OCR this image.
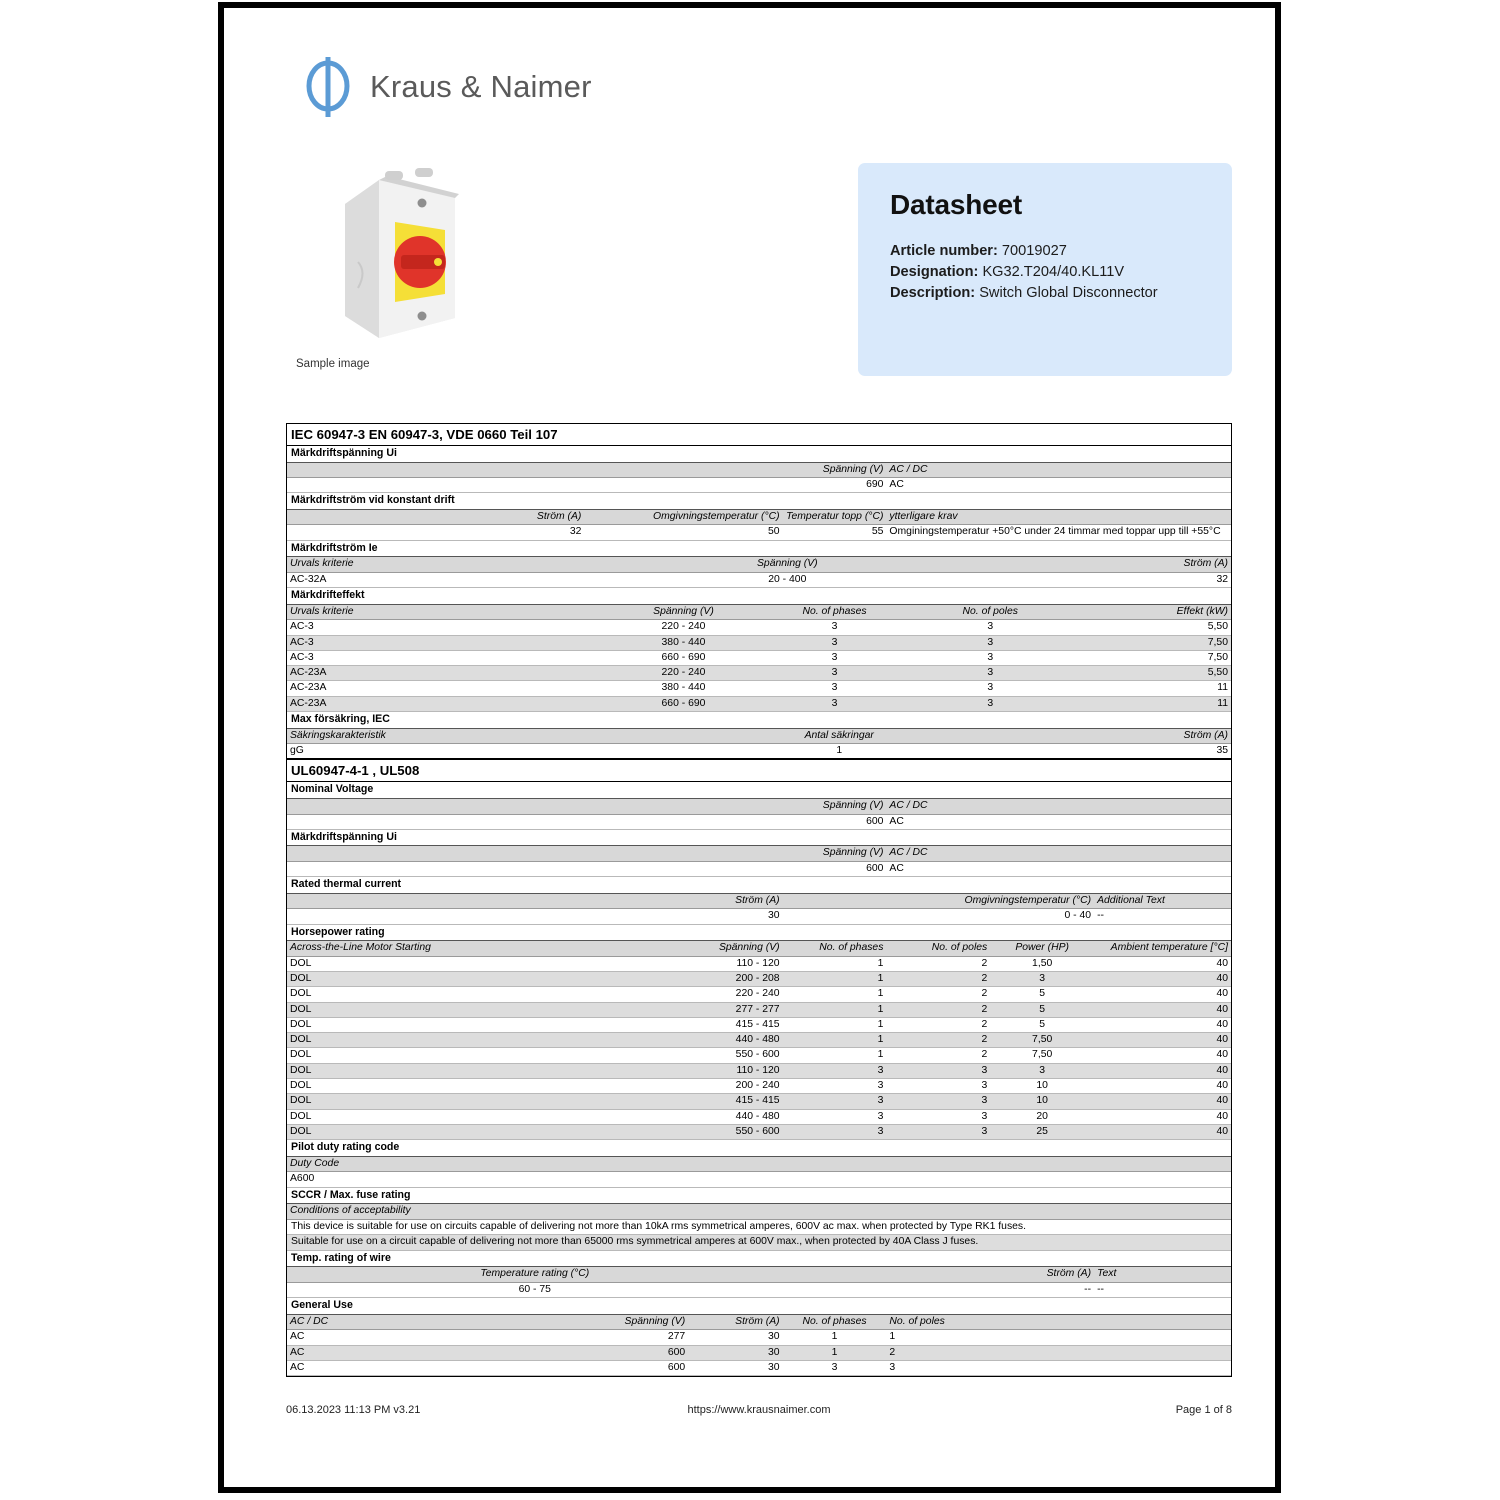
Kraus & Naimer
Sample image
Datasheet
Article number: 70019027
Designation: KG32.T204/40.KL11V
Description: Switch Global Disconnector
IEC 60947-3 EN 60947-3, VDE 0660 Teil 107						
Märkdriftspänning Ui						
Spänning (V)				AC / DC		
690				AC		
Märkdriftström vid konstant drift						
Ström (A)	Omgivningstemperatur (°C)		Temperatur topp (°C)	ytterligare krav		
32	50		55	Omginingstemperatur +50°C under 24 timmar med toppar upp till +55°C		
Märkdriftström Ie						
Urvals kriterie	Spänning (V)				Ström (A)	
AC-32A	20 - 400				32	
Märkdrifteffekt						
Urvals kriterie	Spänning (V)		No. of phases	No. of poles		Effekt (kW)
AC-3	220 - 240		3	3		5,50
AC-3	380 - 440		3	3		7,50
AC-3	660 - 690		3	3		7,50
AC-23A	220 - 240		3	3		5,50
AC-23A	380 - 440		3	3		11
AC-23A	660 - 690		3	3		11
Max försäkring, IEC						
Säkringskarakteristik	Antal säkringar					Ström (A)
gG	1					35
UL60947-4-1 , UL508						
Nominal Voltage						
Spänning (V)				AC / DC		
600				AC		
Märkdriftspänning Ui						
Spänning (V)				AC / DC		
600				AC		
Rated thermal current						
Ström (A)			Omgivningstemperatur (°C)			Additional Text
30			0 - 40			--
Horsepower rating						
Across-the-Line Motor Starting	Spänning (V)		No. of phases	No. of poles	Power (HP)	Ambient temperature [°C]
DOL	110 - 120		1	2	1,50	40
DOL	200 - 208		1	2	3	40
DOL	220 - 240		1	2	5	40
DOL	277 - 277		1	2	5	40
DOL	415 - 415		1	2	5	40
DOL	440 - 480		1	2	7,50	40
DOL	550 - 600		1	2	7,50	40
DOL	110 - 120		3	3	3	40
DOL	200 - 240		3	3	10	40
DOL	415 - 415		3	3	10	40
DOL	440 - 480		3	3	20	40
DOL	550 - 600		3	3	25	40
Pilot duty rating code						
Duty Code						
A600						
SCCR / Max. fuse rating						
Conditions of acceptability						
This device is suitable for use on circuits capable of delivering not more than 10kA rms symmetrical amperes, 600V ac max. when protected by Type RK1 fuses.						
Suitable for use on a circuit capable of delivering not more than 65000 rms symmetrical amperes at 600V max., when protected by 40A Class J fuses.						
Temp. rating of wire						
Temperature rating (°C)			Ström (A)			Text
60 - 75			--			--
General Use						
AC / DC	Spänning (V)	Ström (A)	No. of phases	No. of poles		
AC	277	30	1	1		
AC	600	30	1	2		
AC	600	30	3	3		
06.13.2023 11:13 PM v3.21	https://www.krausnaimer.com	Page 1 of 8
